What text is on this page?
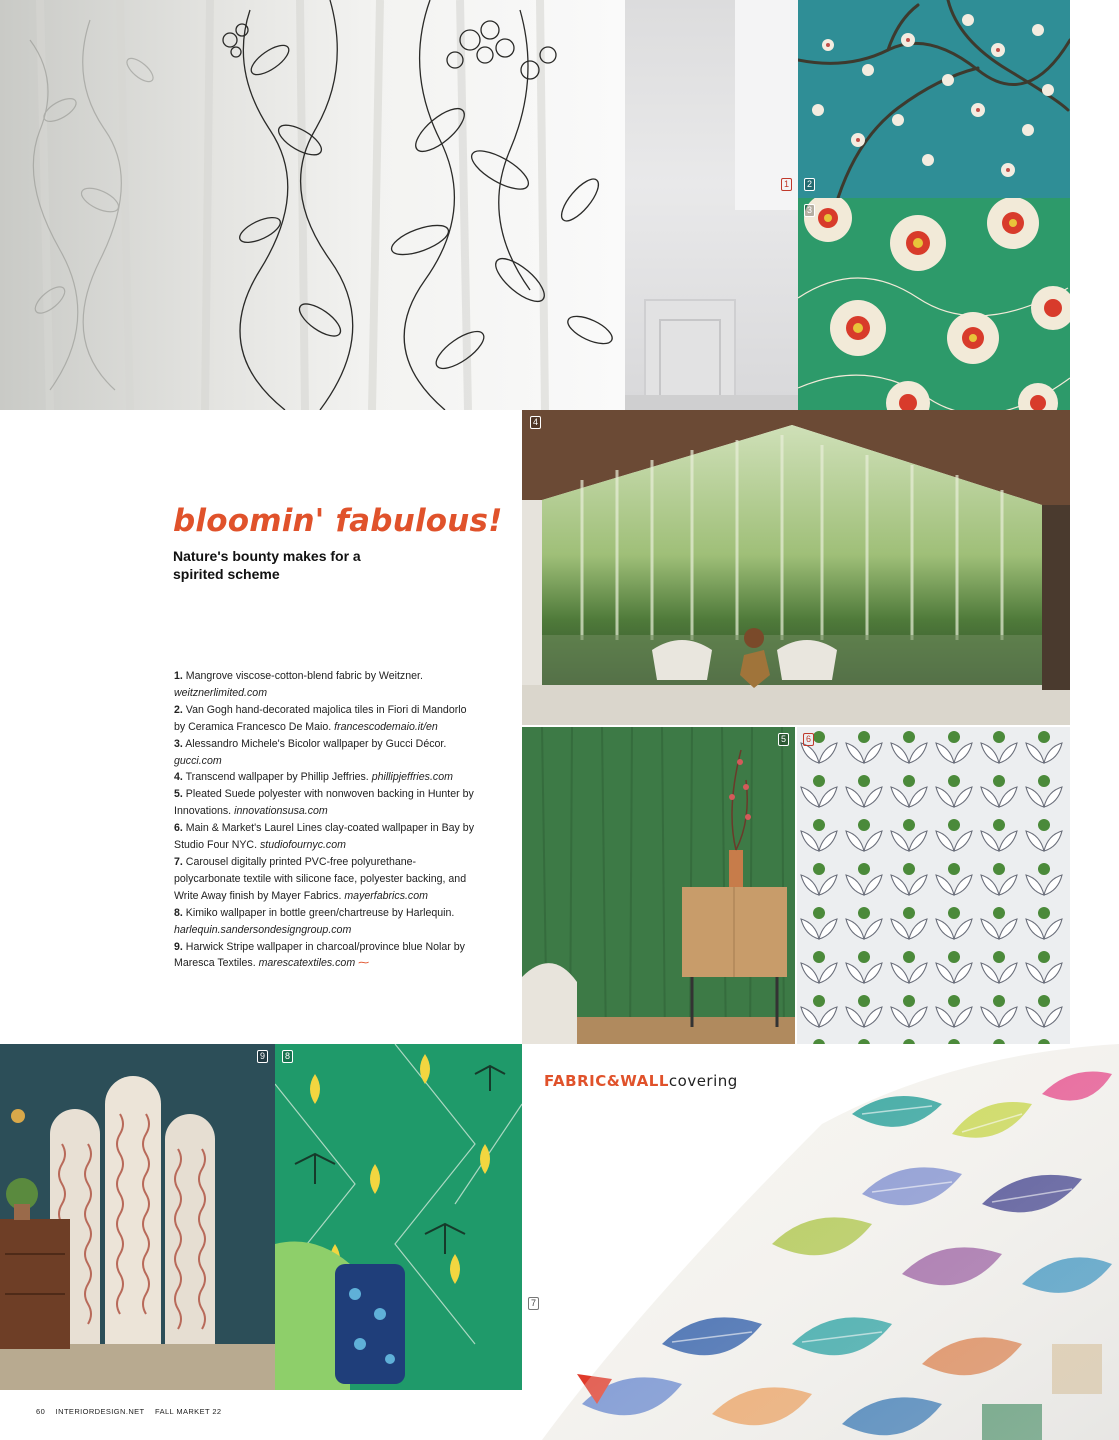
1	2
3
4
5	6
9	8
7
bloomin' fabulous!

Nature's bounty makes for a spirited scheme

1. Mangrove viscose-cotton-blend fabric by Weitzner. weitznerlimited.com
2. Van Gogh hand-decorated majolica tiles in Fiori di Mandorlo by Ceramica Francesco De Maio. francescodemaio.it/en
3. Alessandro Michele's Bicolor wallpaper by Gucci Décor. gucci.com
4. Transcend wallpaper by Phillip Jeffries. phillipjeffries.com
5. Pleated Suede polyester with nonwoven backing in Hunter by Innovations. innovationsusa.com
6. Main & Market's Laurel Lines clay-coated wallpaper in Bay by Studio Four NYC. studiofournyc.com
7. Carousel digitally printed PVC-free polyurethane-polycarbonate textile with silicone face, polyester backing, and Write Away finish by Mayer Fabrics. mayerfabrics.com
8. Kimiko wallpaper in bottle green/chartreuse by Harlequin. harlequin.sandersondesigngroup.com
9. Harwick Stripe wallpaper in charcoal/province blue Nolar by Maresca Textiles. marescatextiles.com ⁓
FABRIC&WALLcovering
60 INTERIORDESIGN.NET FALL MARKET 22
